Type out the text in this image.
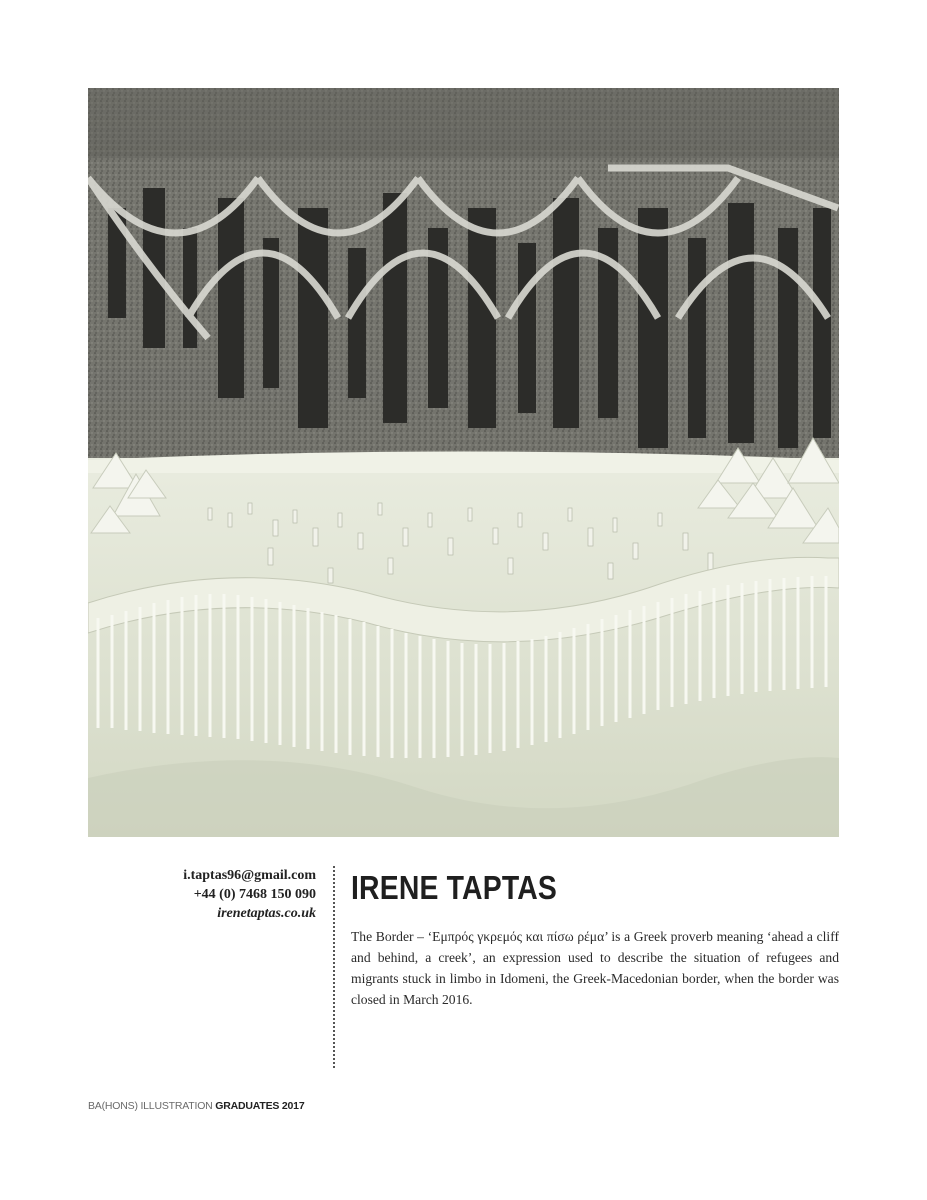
i.taptas96@gmail.com
+44 (0) 7468 150 090
irenetaptas.co.uk
IRENE TAPTAS

The Border – ‘Εμπρός γκρεμός και πίσω ρέμα’ is a Greek proverb meaning ‘ahead a cliff and behind, a creek’, an expression used to describe the situation of refugees and migrants stuck in limbo in Idomeni, the Greek-Macedonian border, when the border was closed in March 2016.

BA(HONS) ILLUSTRATION GRADUATES 2017
